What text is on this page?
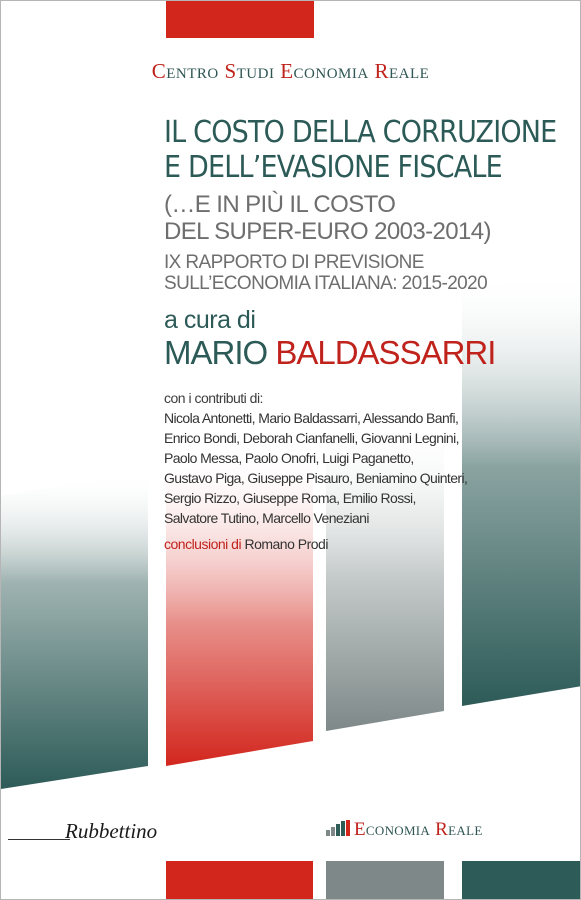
Centro Studi Economia Reale
IL COSTO DELLA CORRUZIONE
E DELL’EVASIONE FISCALE
(…E IN PIÙ IL COSTO
DEL SUPER-EURO 2003-2014)
IX RAPPORTO DI PREVISIONE
SULL’ECONOMIA ITALIANA: 2015-2020
a cura di
MARIO BALDASSARRI
con i contributi di:
Nicola Antonetti, Mario Baldassarri, Alessando Banfi,
Enrico Bondi, Deborah Cianfanelli, Giovanni Legnini,
Paolo Messa, Paolo Onofri, Luigi Paganetto,
Gustavo Piga, Giuseppe Pisauro, Beniamino Quinteri,
Sergio Rizzo, Giuseppe Roma, Emilio Rossi,
Salvatore Tutino, Marcello Veneziani
conclusioni di Romano Prodi
Rubbettino	Economia Reale
